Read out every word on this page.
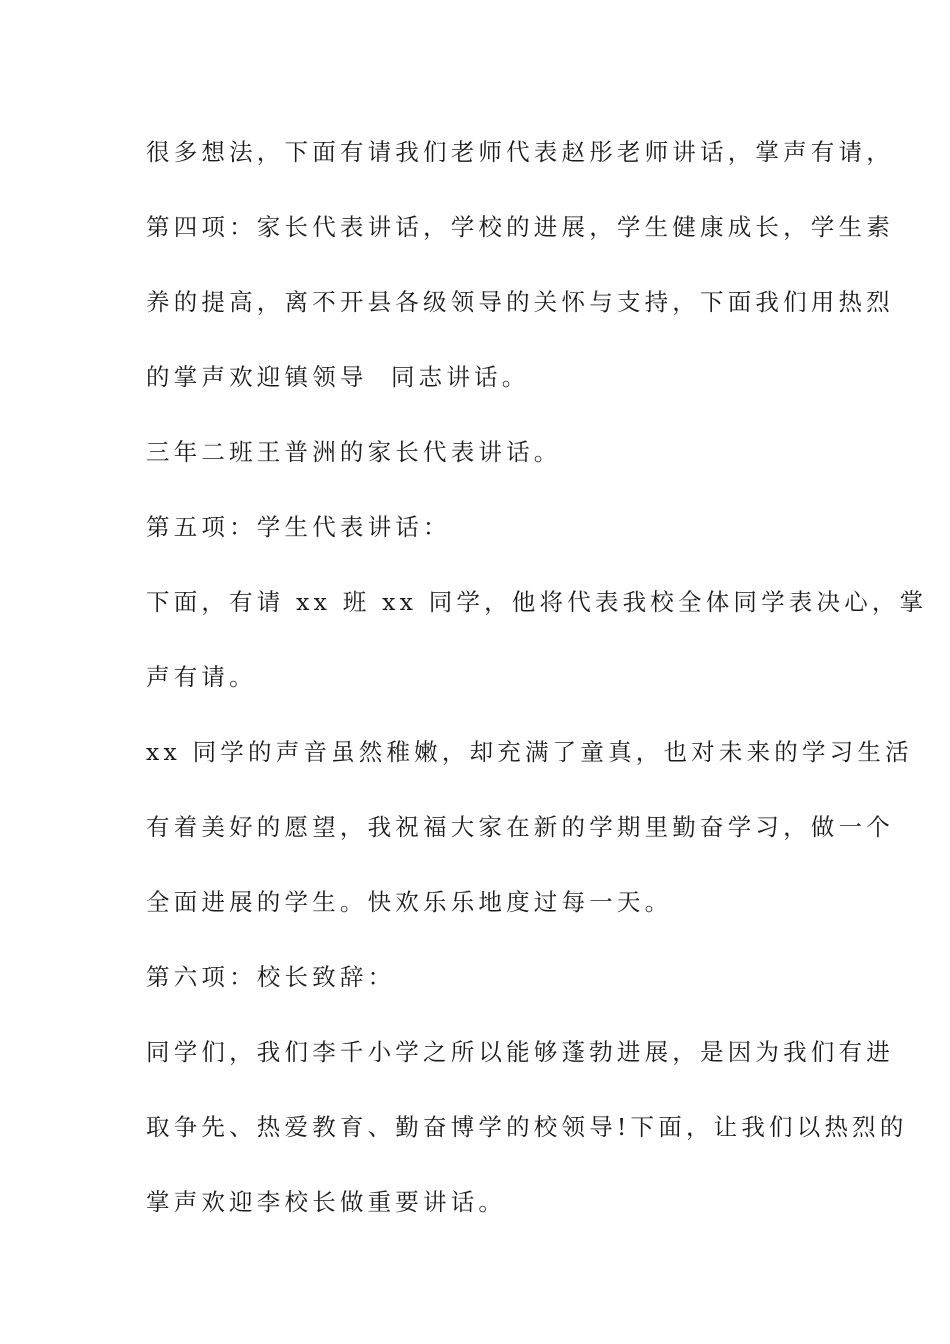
很多想法，下面有请我们老师代表赵彤老师讲话，掌声有请，
第四项：家长代表讲话，学校的进展，学生健康成长，学生素
养的提高，离不开县各级领导的关怀与支持，下面我们用热烈
的掌声欢迎镇领导  同志讲话。
三年二班王普洲的家长代表讲话。
第五项：学生代表讲话：
下面，有请 xx 班 xx 同学，他将代表我校全体同学表决心，掌
声有请。
xx 同学的声音虽然稚嫩，却充满了童真，也对未来的学习生活
有着美好的愿望，我祝福大家在新的学期里勤奋学习，做一个
全面进展的学生。快欢乐乐地度过每一天。
第六项：校长致辞：
同学们，我们李千小学之所以能够蓬勃进展，是因为我们有进
取争先、热爱教育、勤奋博学的校领导!下面，让我们以热烈的
掌声欢迎李校长做重要讲话。
